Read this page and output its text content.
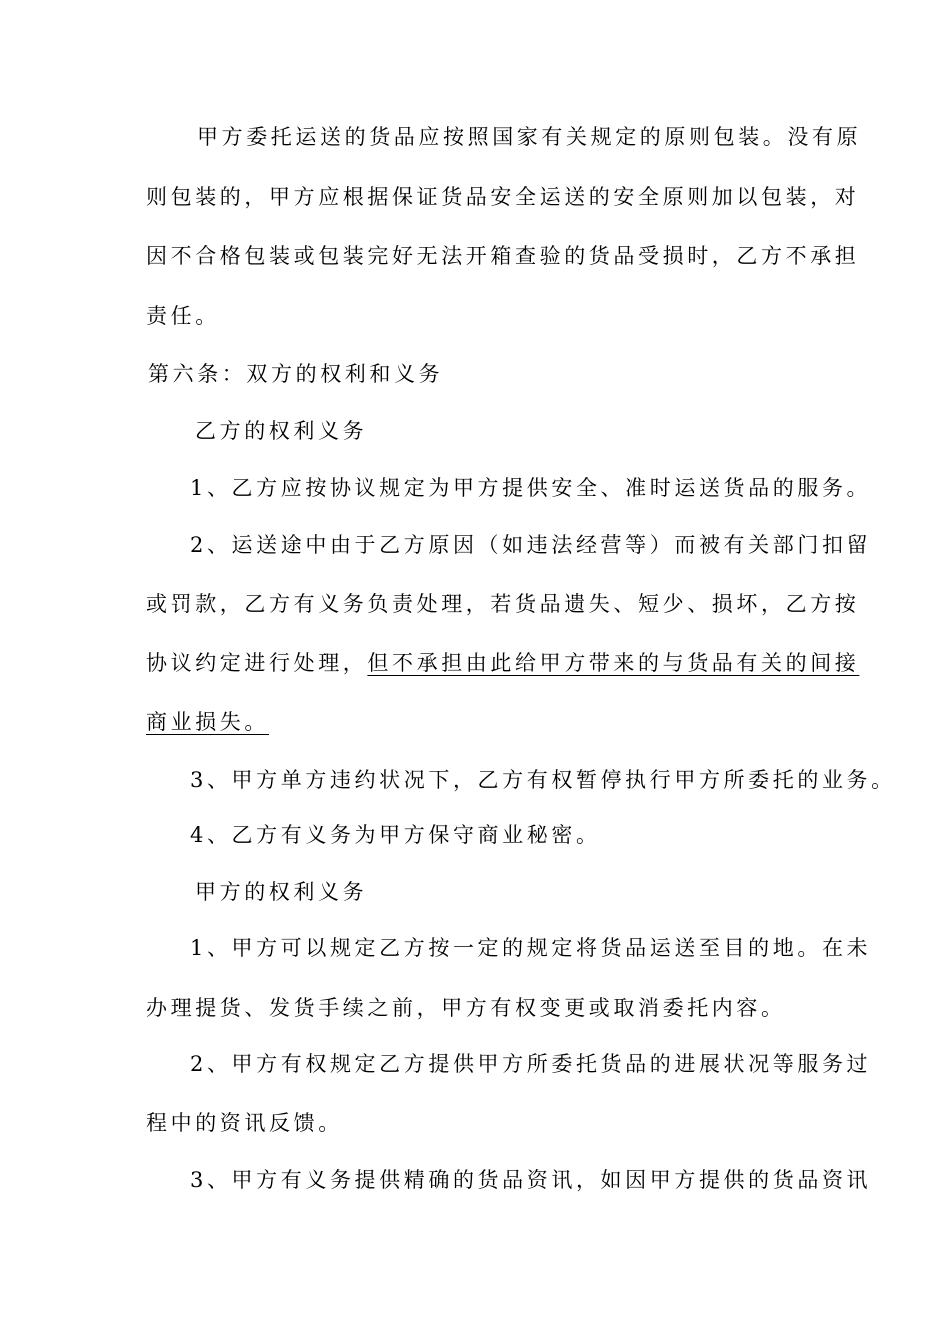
甲方委托运送的货品应按照国家有关规定的原则包装。没有原
则包装的，甲方应根据保证货品安全运送的安全原则加以包装，对
因不合格包装或包装完好无法开箱查验的货品受损时，乙方不承担
责任。
第六条：双方的权利和义务
乙方的权利义务
1、乙方应按协议规定为甲方提供安全、准时运送货品的服务。
2、运送途中由于乙方原因（如违法经营等）而被有关部门扣留
或罚款，乙方有义务负责处理，若货品遗失、短少、损坏，乙方按
协议约定进行处理，但不承担由此给甲方带来的与货品有关的间接
商业损失。
3、甲方单方违约状况下，乙方有权暂停执行甲方所委托的业务。
4、乙方有义务为甲方保守商业秘密。
甲方的权利义务
1、甲方可以规定乙方按一定的规定将货品运送至目的地。在未
办理提货、发货手续之前，甲方有权变更或取消委托内容。
2、甲方有权规定乙方提供甲方所委托货品的进展状况等服务过
程中的资讯反馈。
3、甲方有义务提供精确的货品资讯，如因甲方提供的货品资讯
